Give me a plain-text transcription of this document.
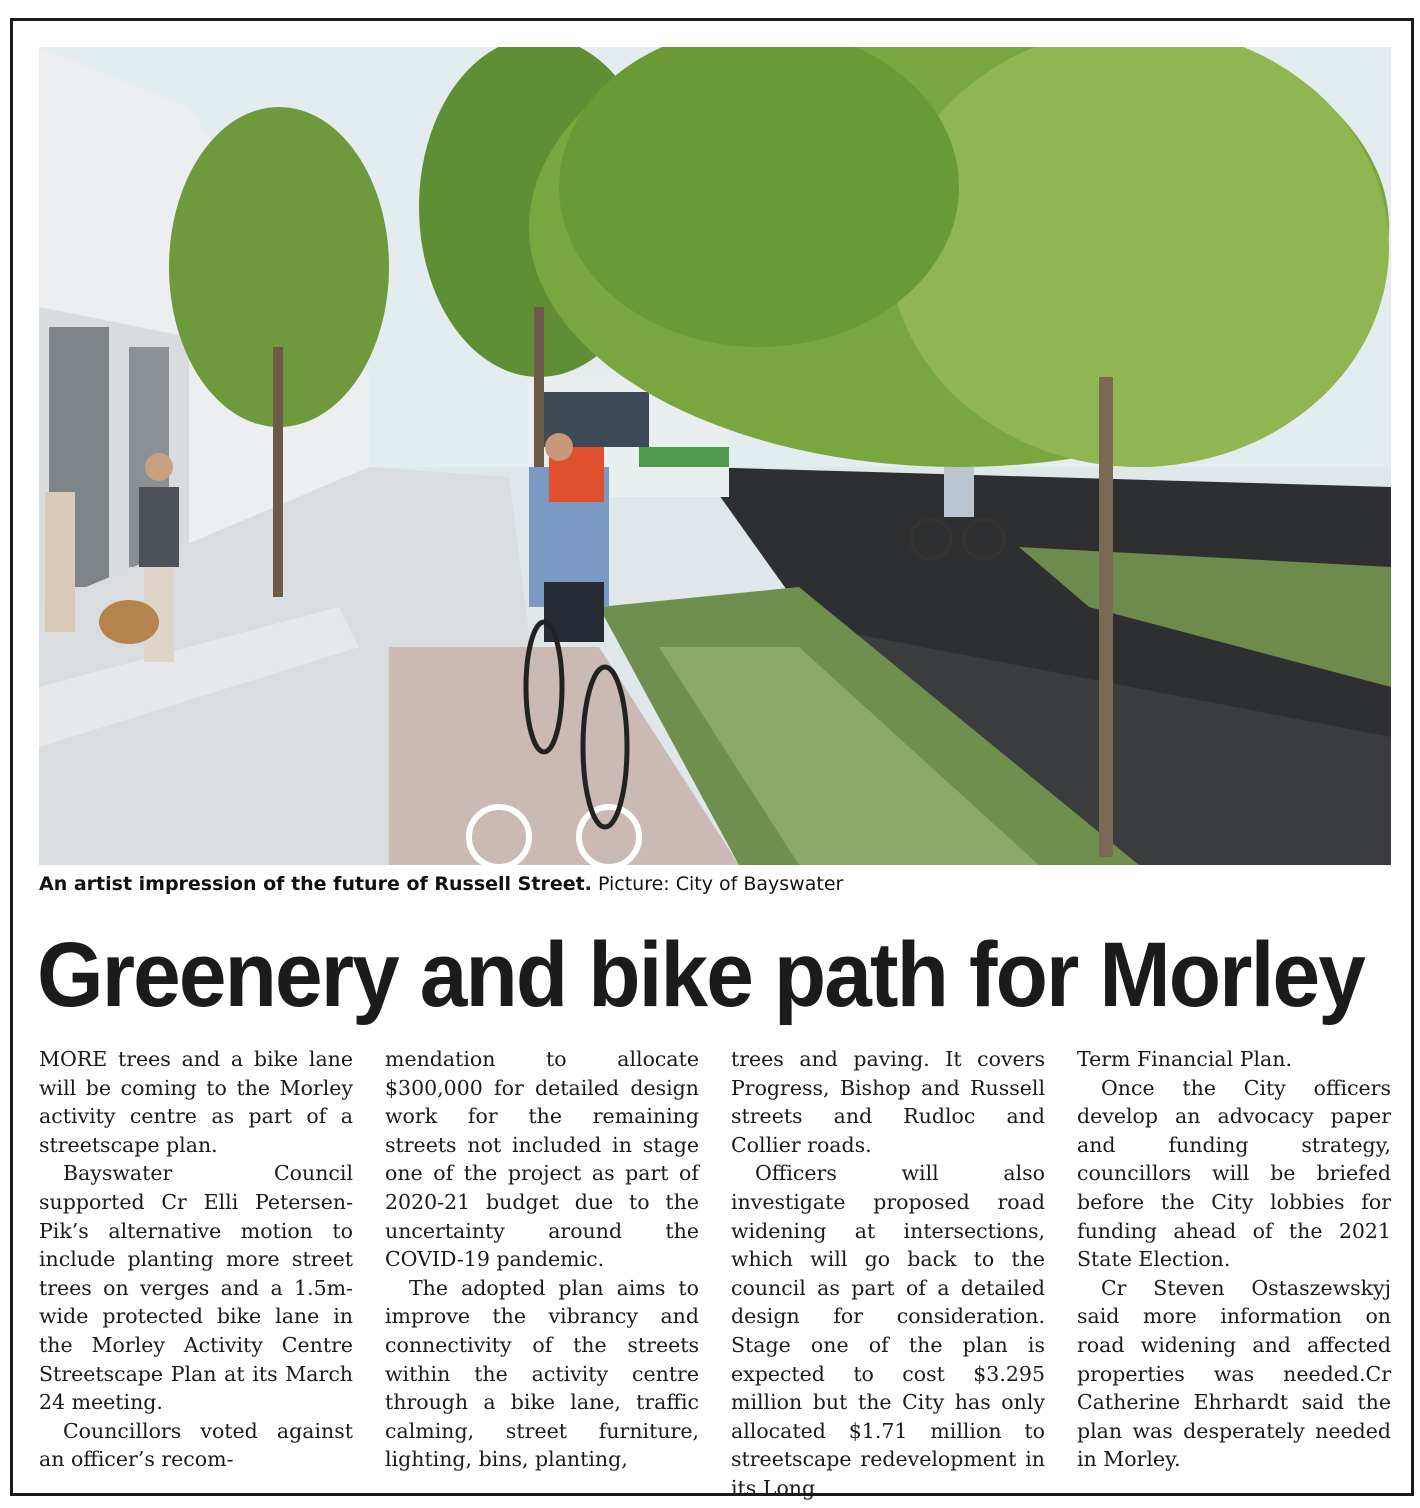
An artist impression of the future of Russell Street. Picture: City of Bayswater
Greenery and bike path for Morley

MORE trees and a bike lane will be coming to the Morley activity centre as part of a streetscape plan.

Bayswater Council supported Cr Elli Petersen-Pik’s alternative motion to include planting more street trees on verges and a 1.5m-wide protected bike lane in the Morley Activity Centre Streetscape Plan at its March 24 meeting.

Councillors voted against an officer’s recom-

mendation to allocate $300,000 for detailed design work for the remaining streets not included in stage one of the project as part of 2020-21 budget due to the uncertainty around the COVID-19 pandemic.

The adopted plan aims to improve the vibrancy and connectivity of the streets within the activity centre through a bike lane, traffic calming, street furniture, lighting, bins, planting,

trees and paving. It covers Progress, Bishop and Russell streets and Rudloc and Collier roads.

Officers will also investigate proposed road widening at intersections, which will go back to the council as part of a detailed design for consideration. Stage one of the plan is expected to cost $3.295 million but the City has only allocated $1.71 million to streetscape redevelopment in its Long

Term Financial Plan.

Once the City officers develop an advocacy paper and funding strategy, councillors will be briefed before the City lobbies for funding ahead of the 2021 State Election.

Cr Steven Ostaszewskyj said more information on road widening and affected properties was needed.Cr Catherine Ehrhardt said the plan was desperately needed in Morley.
